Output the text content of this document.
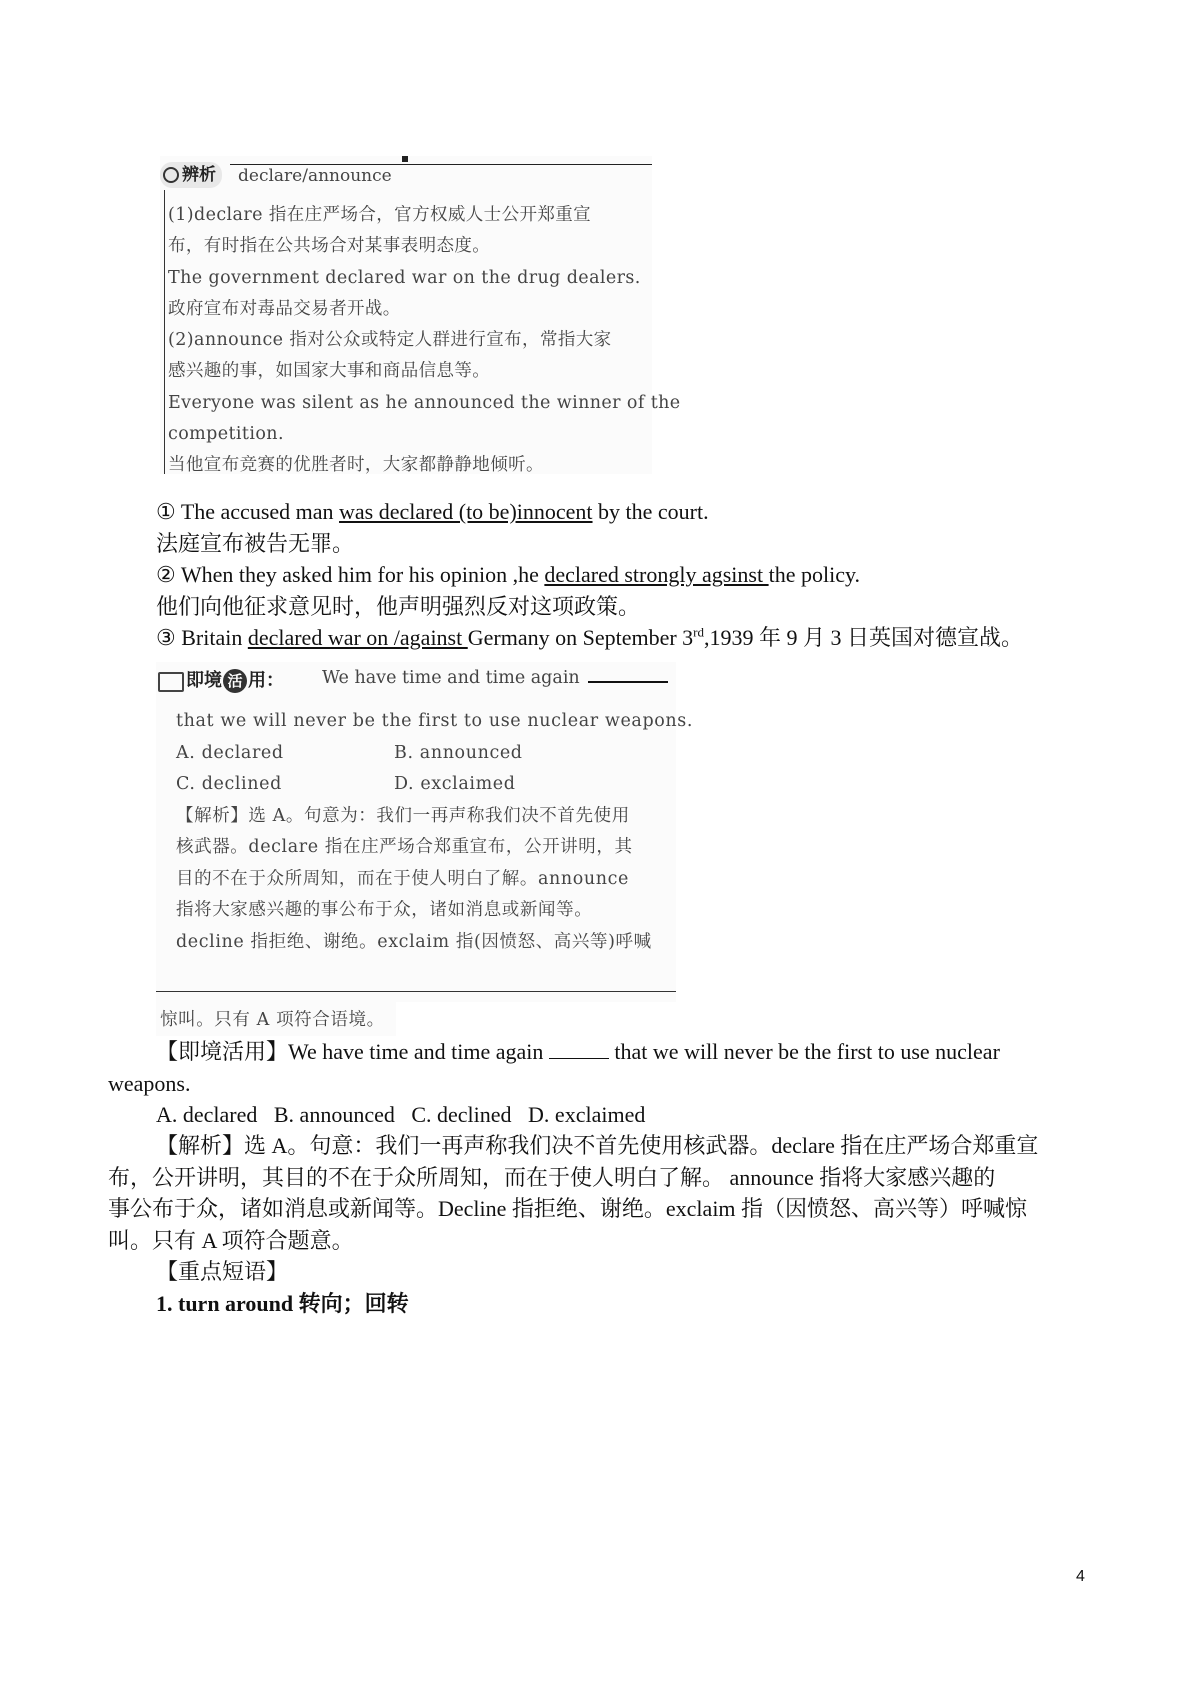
辨析	declare/announce
(1)declare 指在庄严场合，官方权威人士公开郑重宣
布，有时指在公共场合对某事表明态度。
The government declared war on the drug dealers.
政府宣布对毒品交易者开战。
(2)announce 指对公众或特定人群进行宣布，常指大家
感兴趣的事，如国家大事和商品信息等。
Everyone was silent as he announced the winner of the
competition.
当他宣布竞赛的优胜者时，大家都静静地倾听。
① The accused man was declared (to be)innocent by the court.
法庭宣布被告无罪。
② When they asked him for his opinion ,he declared strongly agsinst the policy.
他们向他征求意见时，他声明强烈反对这项政策。
③ Britain declared war on /against Germany on September 3rd,1939 年 9 月 3 日英国对德宣战。
即境 活 用： We have time and time again
that we will never be the first to use nuclear weapons.
A. declared	B. announced
C. declined	D. exclaimed
【解析】选 A。句意为：我们一再声称我们决不首先使用
核武器。declare 指在庄严场合郑重宣布，公开讲明，其
目的不在于众所周知，而在于使人明白了解。announce
指将大家感兴趣的事公布于众，诸如消息或新闻等。
decline 指拒绝、谢绝。exclaim 指(因愤怒、高兴等)呼喊
惊叫。只有 A 项符合语境。
【即境活用】We have time and time again	that we will never be the first to use nuclear
weapons.
A. declared   B. announced   C. declined   D. exclaimed
【解析】选 A。句意：我们一再声称我们决不首先使用核武器。declare 指在庄严场合郑重宣
布，公开讲明，其目的不在于众所周知，而在于使人明白了解。 announce 指将大家感兴趣的
事公布于众，诸如消息或新闻等。Decline 指拒绝、谢绝。exclaim 指（因愤怒、高兴等）呼喊惊
叫。只有 A 项符合题意。
【重点短语】
1. turn around 转向；回转
4
